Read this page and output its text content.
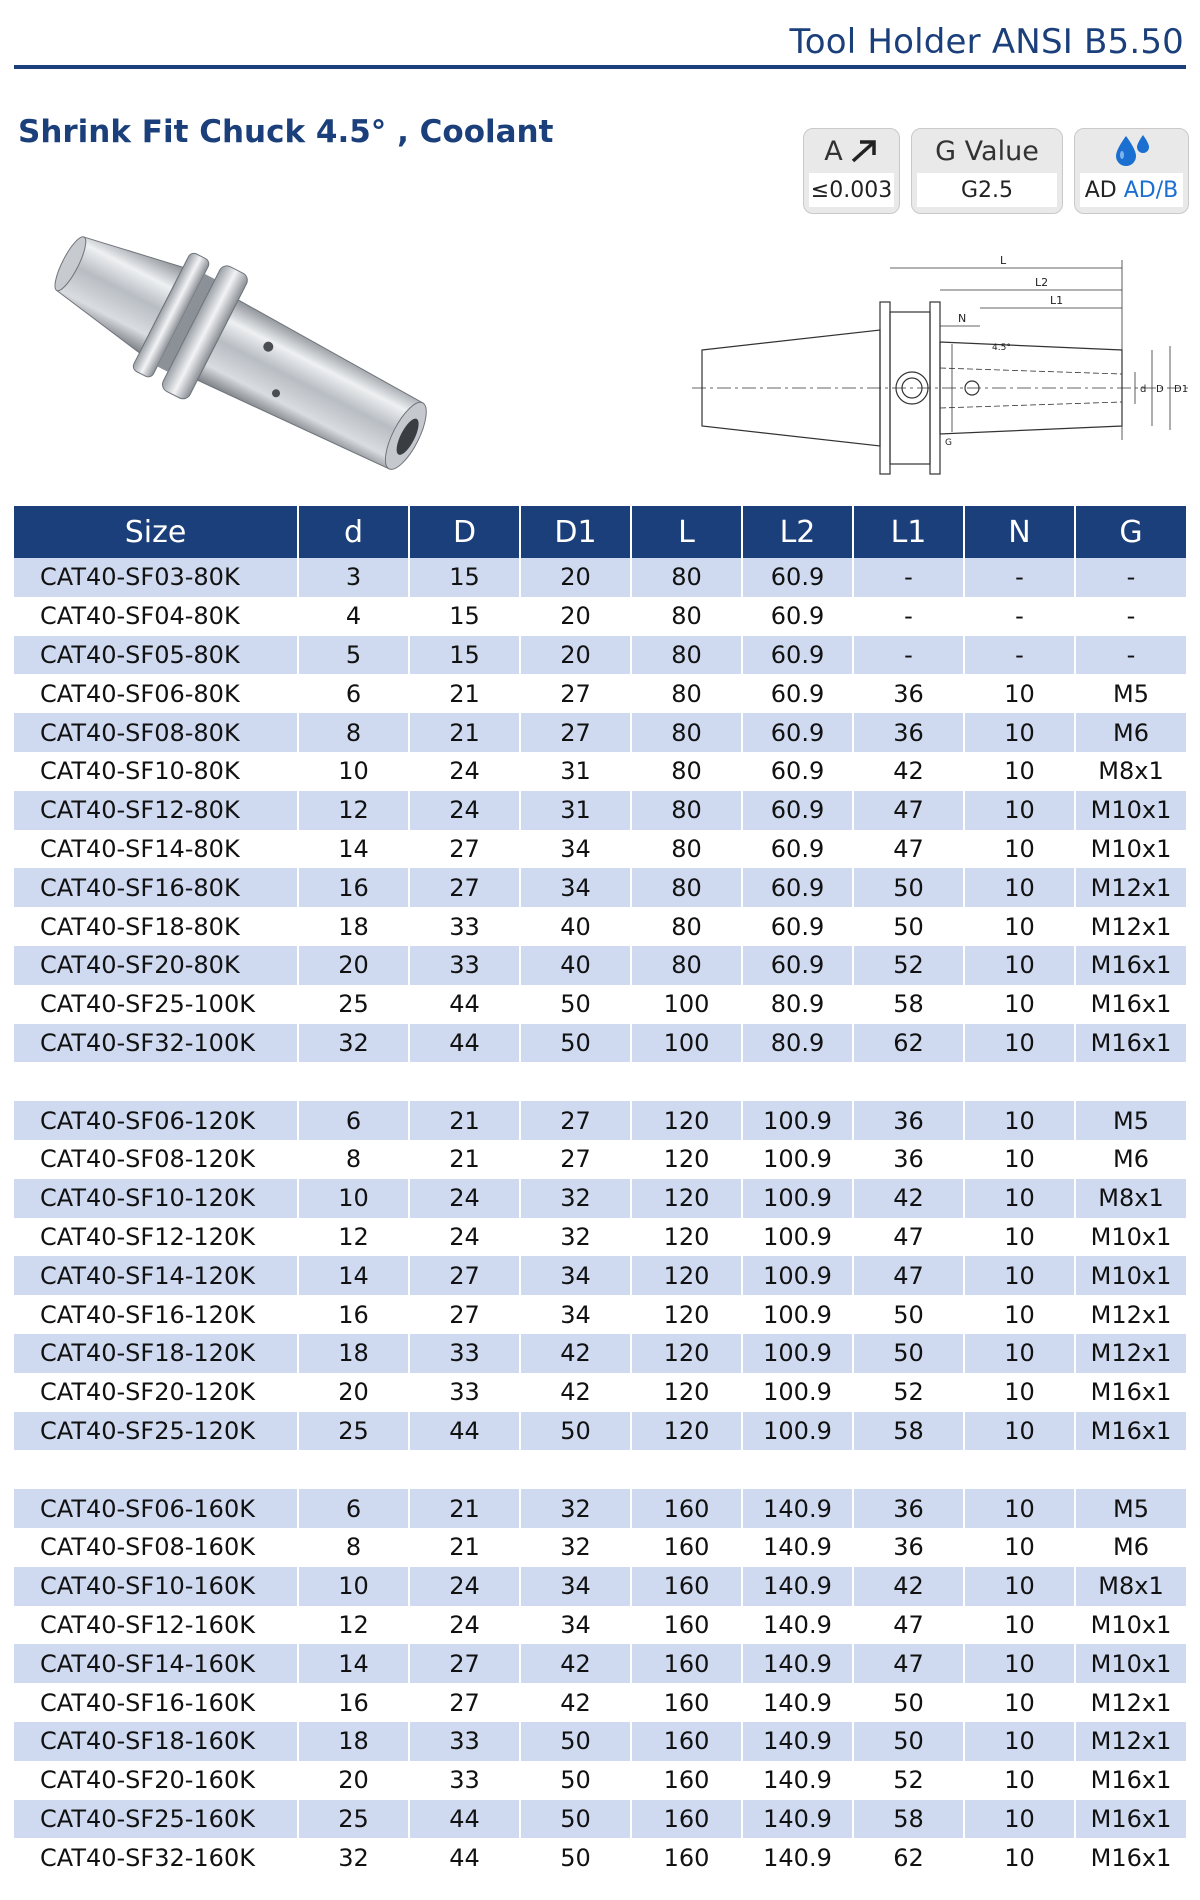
Tool Holder ANSI B5.50
Shrink Fit Chuck 4.5° , Coolant
A
≤0.003
G Value
G2.5	AD
AD/B
L
L2
L1
N
4.5°
d D D1
G
Size	d	D	D1	L	L2	L1	N	G
CAT40-SF03-80K	3	15	20	80	60.9	-	-	-
CAT40-SF04-80K	4	15	20	80	60.9	-	-	-
CAT40-SF05-80K	5	15	20	80	60.9	-	-	-
CAT40-SF06-80K	6	21	27	80	60.9	36	10	M5
CAT40-SF08-80K	8	21	27	80	60.9	36	10	M6
CAT40-SF10-80K	10	24	31	80	60.9	42	10	M8x1
CAT40-SF12-80K	12	24	31	80	60.9	47	10	M10x1
CAT40-SF14-80K	14	27	34	80	60.9	47	10	M10x1
CAT40-SF16-80K	16	27	34	80	60.9	50	10	M12x1
CAT40-SF18-80K	18	33	40	80	60.9	50	10	M12x1
CAT40-SF20-80K	20	33	40	80	60.9	52	10	M16x1
CAT40-SF25-100K	25	44	50	100	80.9	58	10	M16x1
CAT40-SF32-100K	32	44	50	100	80.9	62	10	M16x1

CAT40-SF06-120K	6	21	27	120	100.9	36	10	M5
CAT40-SF08-120K	8	21	27	120	100.9	36	10	M6
CAT40-SF10-120K	10	24	32	120	100.9	42	10	M8x1
CAT40-SF12-120K	12	24	32	120	100.9	47	10	M10x1
CAT40-SF14-120K	14	27	34	120	100.9	47	10	M10x1
CAT40-SF16-120K	16	27	34	120	100.9	50	10	M12x1
CAT40-SF18-120K	18	33	42	120	100.9	50	10	M12x1
CAT40-SF20-120K	20	33	42	120	100.9	52	10	M16x1
CAT40-SF25-120K	25	44	50	120	100.9	58	10	M16x1

CAT40-SF06-160K	6	21	32	160	140.9	36	10	M5
CAT40-SF08-160K	8	21	32	160	140.9	36	10	M6
CAT40-SF10-160K	10	24	34	160	140.9	42	10	M8x1
CAT40-SF12-160K	12	24	34	160	140.9	47	10	M10x1
CAT40-SF14-160K	14	27	42	160	140.9	47	10	M10x1
CAT40-SF16-160K	16	27	42	160	140.9	50	10	M12x1
CAT40-SF18-160K	18	33	50	160	140.9	50	10	M12x1
CAT40-SF20-160K	20	33	50	160	140.9	52	10	M16x1
CAT40-SF25-160K	25	44	50	160	140.9	58	10	M16x1
CAT40-SF32-160K	32	44	50	160	140.9	62	10	M16x1
